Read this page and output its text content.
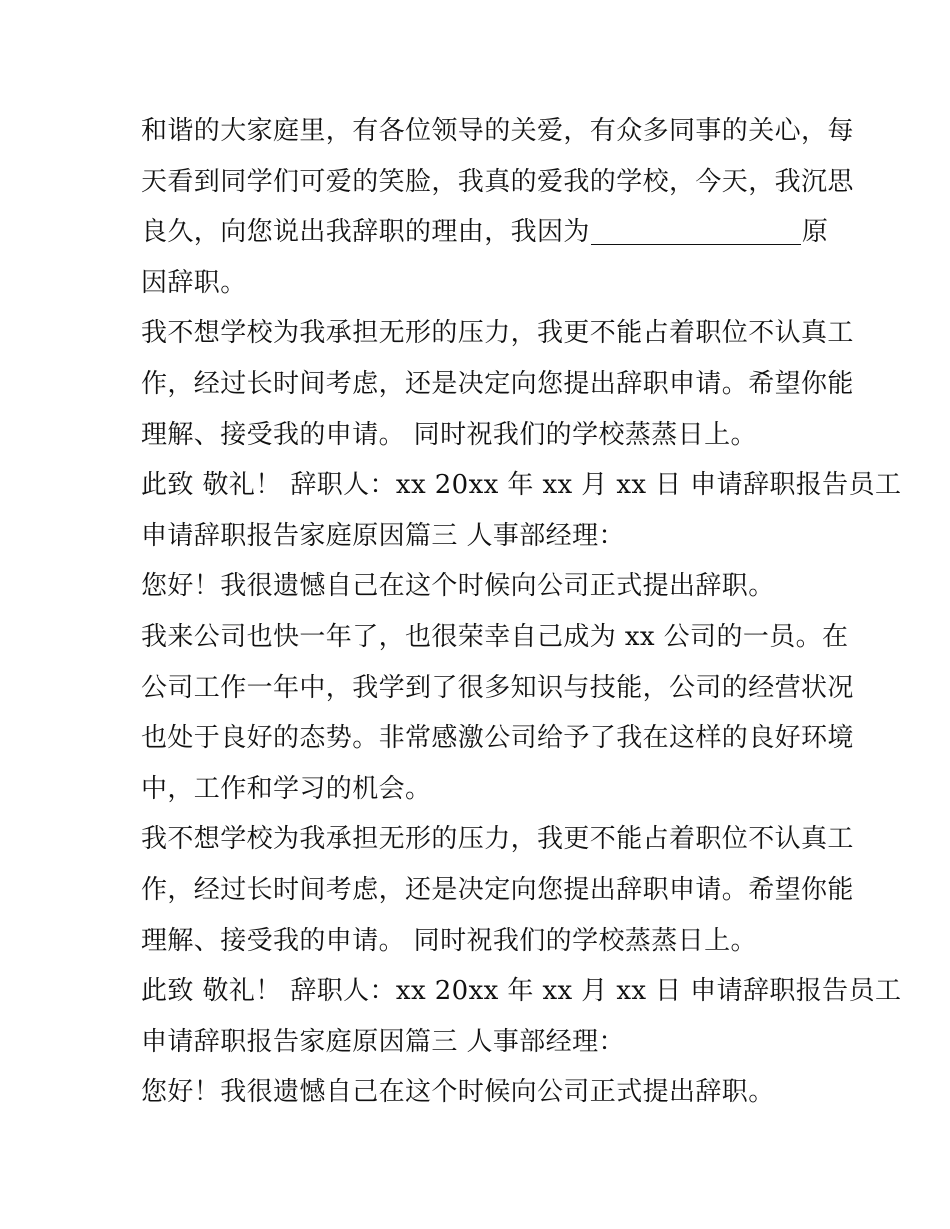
和谐的大家庭里，有各位领导的关爱，有众多同事的关心，每
天看到同学们可爱的笑脸，我真的爱我的学校，今天，我沉思
良久，向您说出我辞职的理由，我因为	原
因辞职。
我不想学校为我承担无形的压力，我更不能占着职位不认真工
作，经过长时间考虑，还是决定向您提出辞职申请。希望你能
理解、接受我的申请。 同时祝我们的学校蒸蒸日上。
此致 敬礼！ 辞职人：xx 20xx 年 xx 月 xx 日 申请辞职报告员工
申请辞职报告家庭原因篇三 人事部经理：
您好！我很遗憾自己在这个时候向公司正式提出辞职。
我来公司也快一年了，也很荣幸自己成为 xx 公司的一员。在
公司工作一年中，我学到了很多知识与技能，公司的经营状况
也处于良好的态势。非常感激公司给予了我在这样的良好环境
中，工作和学习的机会。
我不想学校为我承担无形的压力，我更不能占着职位不认真工
作，经过长时间考虑，还是决定向您提出辞职申请。希望你能
理解、接受我的申请。 同时祝我们的学校蒸蒸日上。
此致 敬礼！ 辞职人：xx 20xx 年 xx 月 xx 日 申请辞职报告员工
申请辞职报告家庭原因篇三 人事部经理：
您好！我很遗憾自己在这个时候向公司正式提出辞职。
